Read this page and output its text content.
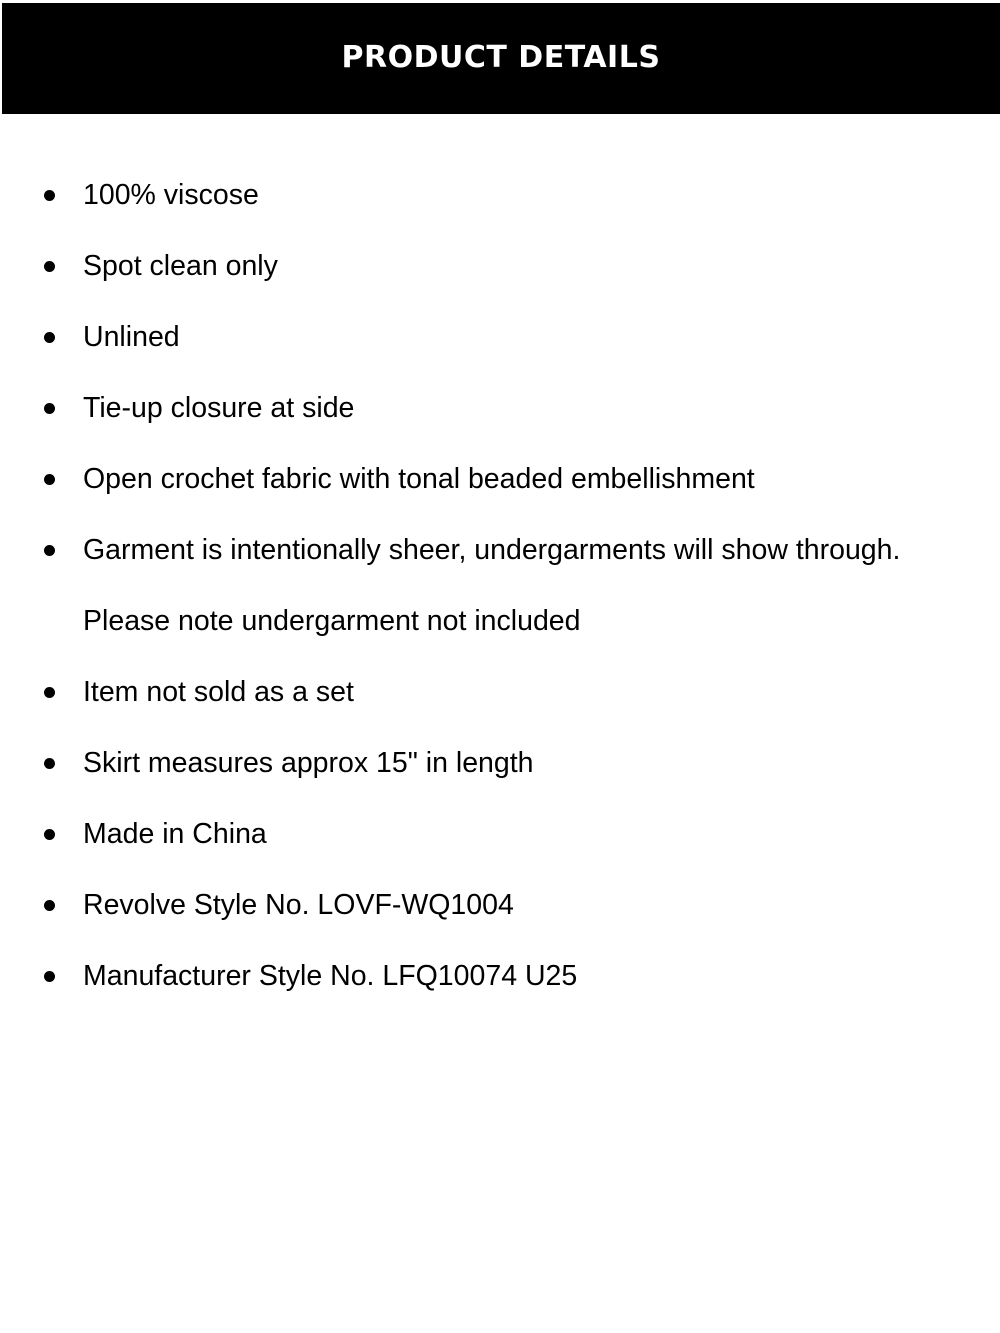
PRODUCT DETAILS
100% viscose
Spot clean only
Unlined
Tie-up closure at side
Open crochet fabric with tonal beaded embellishment
Garment is intentionally sheer, undergarments will show through.
Please note undergarment not included
Item not sold as a set
Skirt measures approx 15" in length
Made in China
Revolve Style No. LOVF-WQ1004
Manufacturer Style No. LFQ10074 U25
